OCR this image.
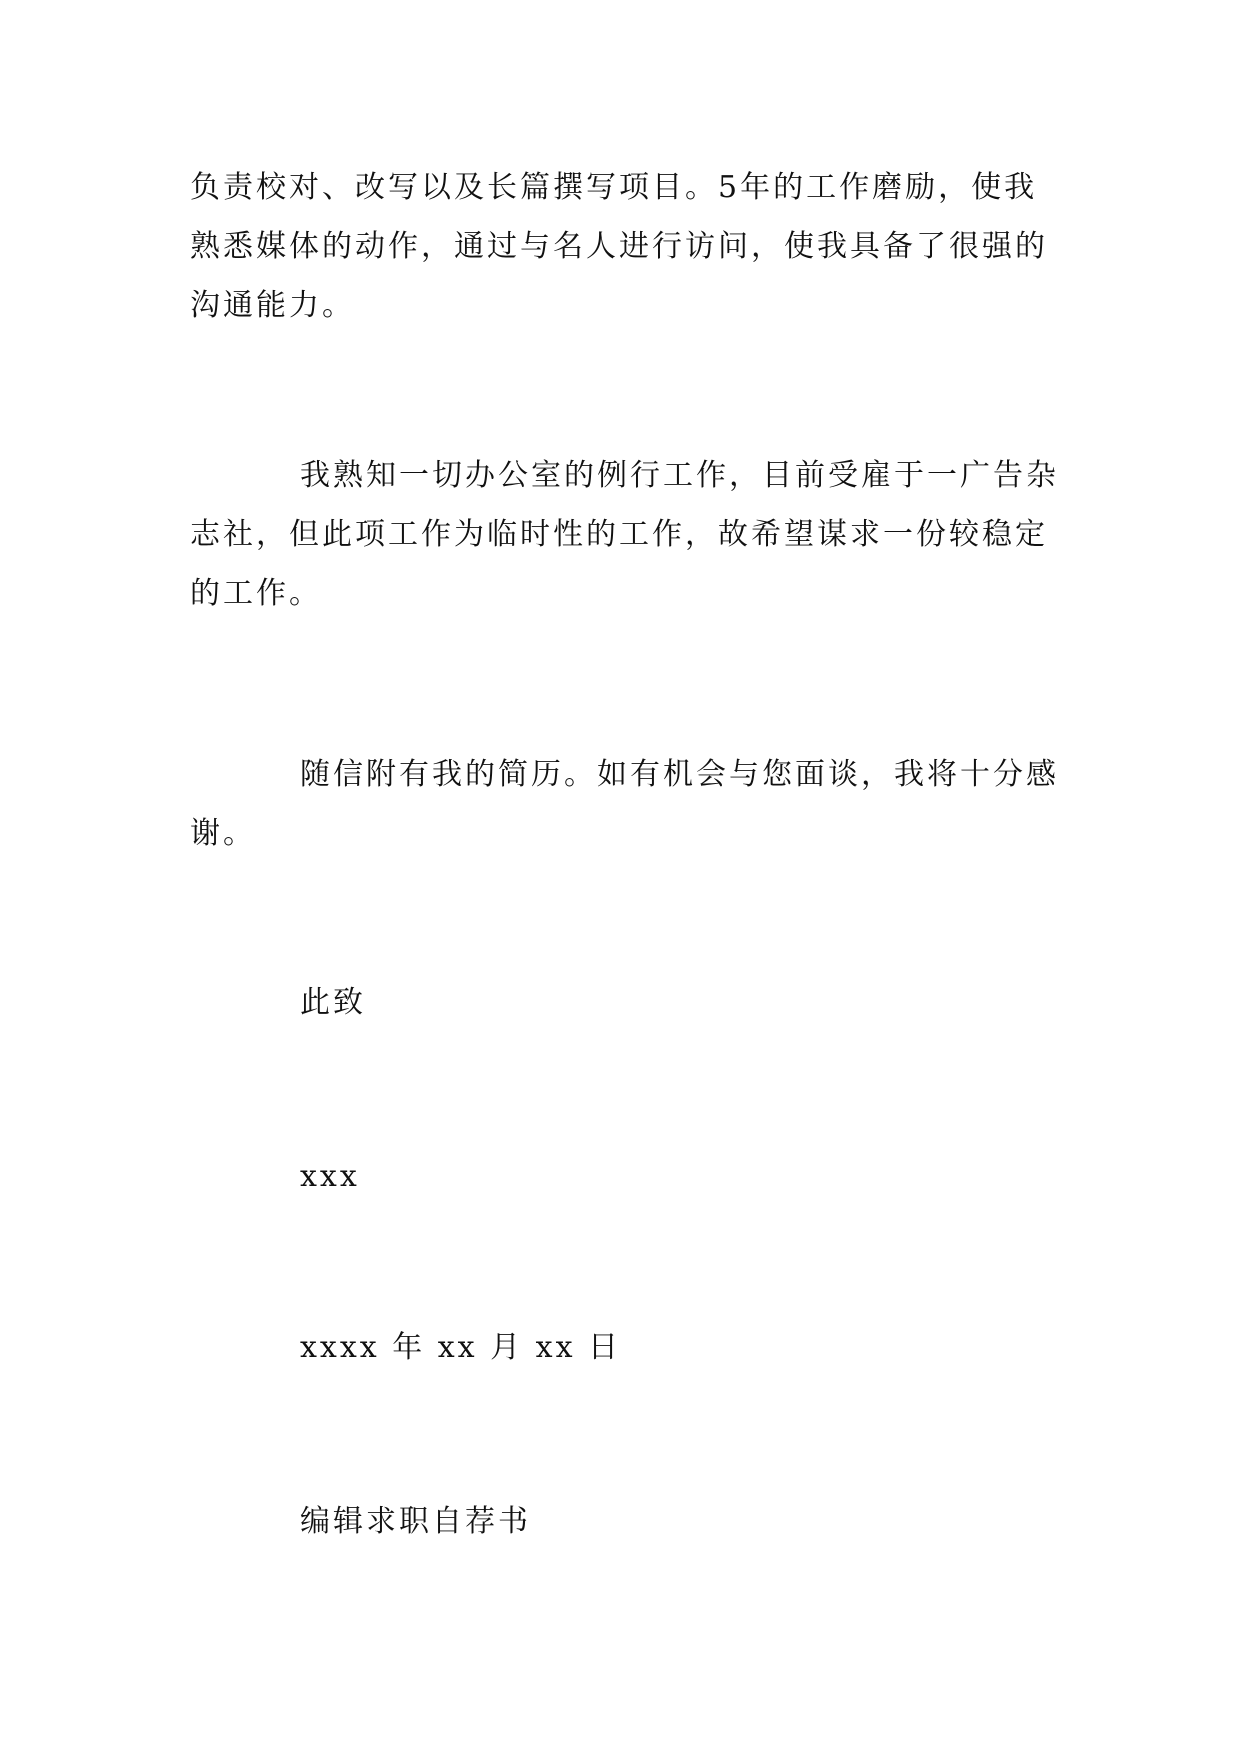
负责校对、改写以及长篇撰写项目。5年的工作磨励，使我
熟悉媒体的动作，通过与名人进行访问，使我具备了很强的
沟通能力。
我熟知一切办公室的例行工作，目前受雇于一广告杂
志社，但此项工作为临时性的工作，故希望谋求一份较稳定
的工作。
随信附有我的简历。如有机会与您面谈，我将十分感
谢。
此致
xxx
xxxx 年 xx 月 xx 日
编辑求职自荐书
